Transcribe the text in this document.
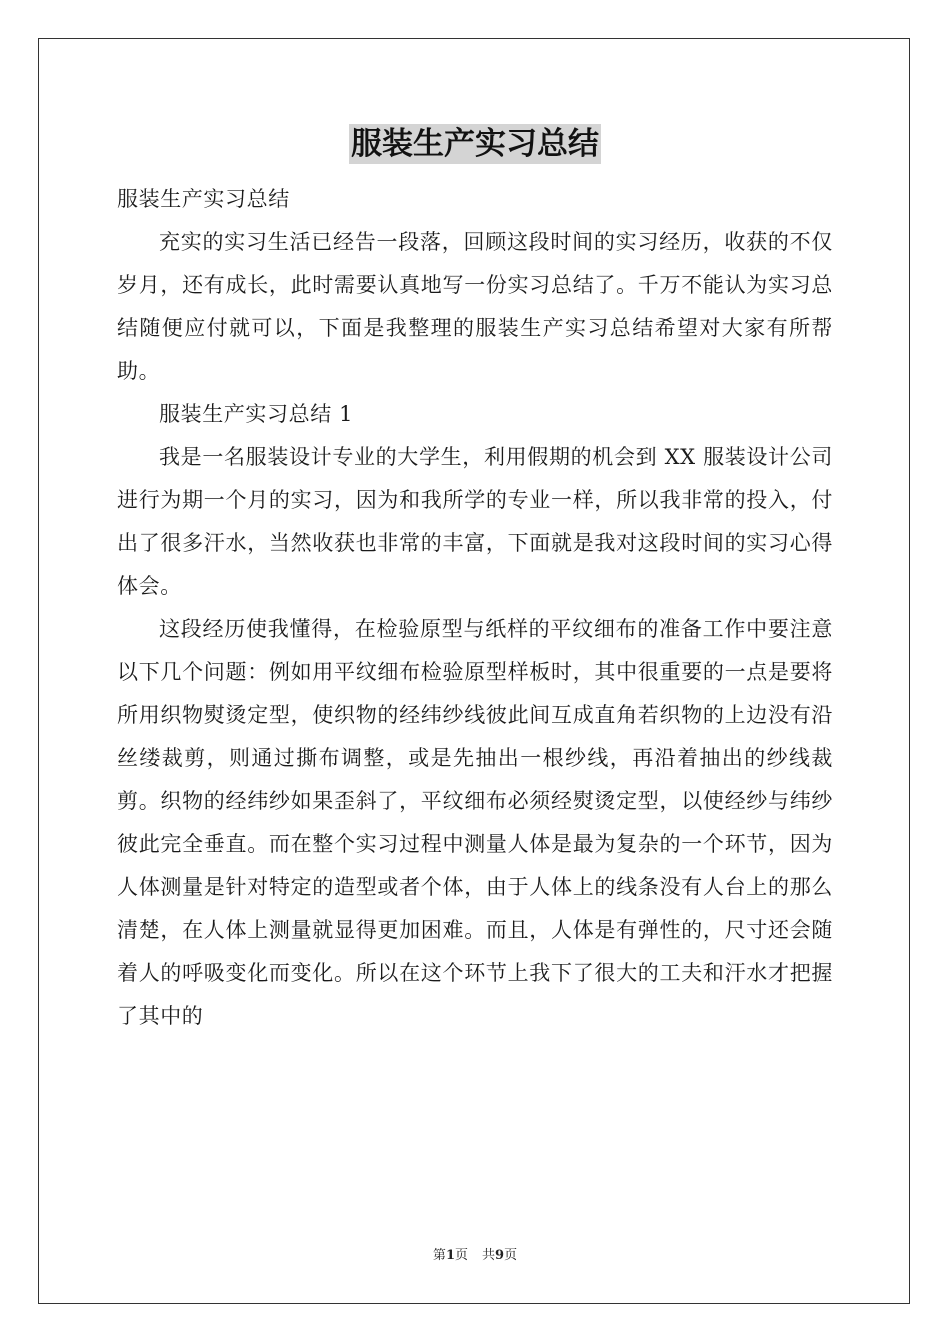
服装生产实习总结

服装生产实习总结

充实的实习生活已经告一段落，回顾这段时间的实习经历，收获的不仅岁月，还有成长，此时需要认真地写一份实习总结了。千万不能认为实习总结随便应付就可以，下面是我整理的服装生产实习总结希望对大家有所帮助。

服装生产实习总结 1

我是一名服装设计专业的大学生，利用假期的机会到 XX 服装设计公司进行为期一个月的实习，因为和我所学的专业一样，所以我非常的投入，付出了很多汗水，当然收获也非常的丰富，下面就是我对这段时间的实习心得体会。

这段经历使我懂得，在检验原型与纸样的平纹细布的准备工作中要注意以下几个问题：例如用平纹细布检验原型样板时，其中很重要的一点是要将所用织物熨烫定型，使织物的经纬纱线彼此间互成直角若织物的上边没有沿丝缕裁剪，则通过撕布调整，或是先抽出一根纱线，再沿着抽出的纱线裁剪。织物的经纬纱如果歪斜了，平纹细布必须经熨烫定型，以使经纱与纬纱彼此完全垂直。而在整个实习过程中测量人体是最为复杂的一个环节，因为人体测量是针对特定的造型或者个体，由于人体上的线条没有人台上的那么清楚，在人体上测量就显得更加困难。而且，人体是有弹性的，尺寸还会随着人的呼吸变化而变化。所以在这个环节上我下了很大的工夫和汗水才把握了其中的

第1页 共9页
